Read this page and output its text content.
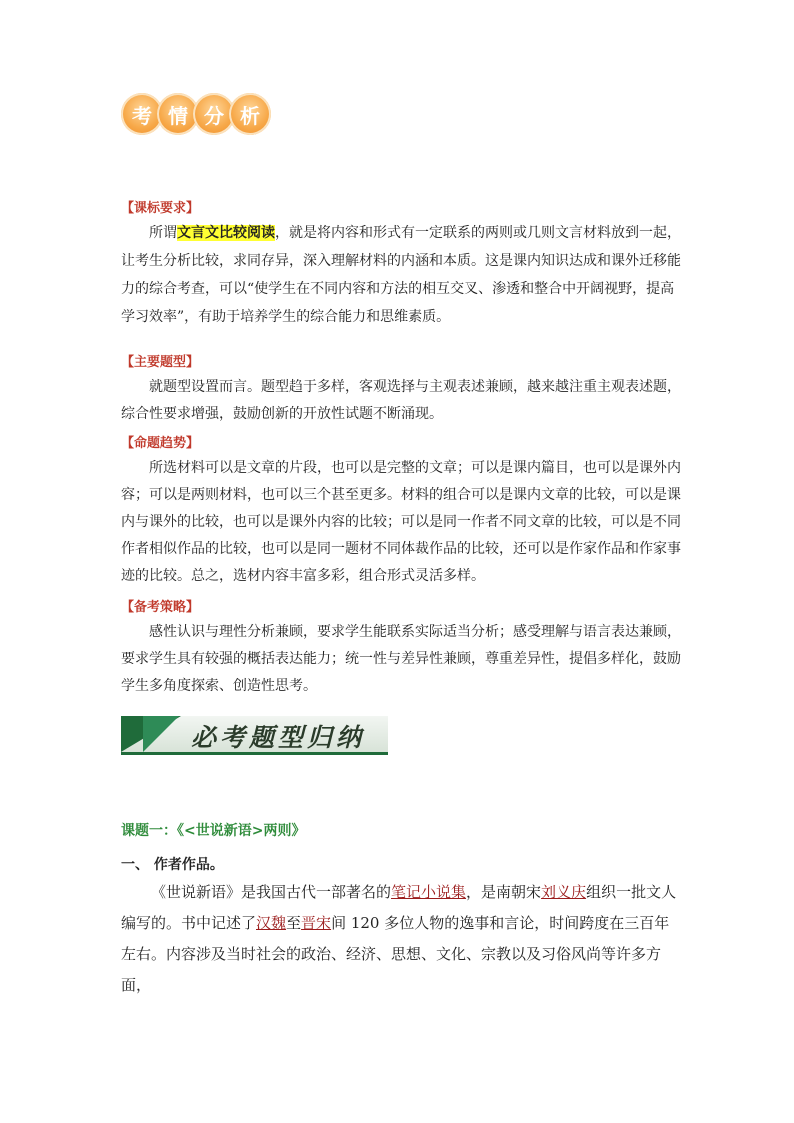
考 情 分 析
【课标要求】

所谓文言文比较阅读，就是将内容和形式有一定联系的两则或几则文言材料放到一起，让考生分析比较，求同存异，深入理解材料的内涵和本质。这是课内知识达成和课外迁移能力的综合考查，可以“使学生在不同内容和方法的相互交叉、渗透和整合中开阔视野，提高学习效率”，有助于培养学生的综合能力和思维素质。

【主要题型】

就题型设置而言。题型趋于多样，客观选择与主观表述兼顾，越来越注重主观表述题，综合性要求增强，鼓励创新的开放性试题不断涌现。

【命题趋势】

所选材料可以是文章的片段，也可以是完整的文章；可以是课内篇目，也可以是课外内容；可以是两则材料，也可以三个甚至更多。材料的组合可以是课内文章的比较，可以是课内与课外的比较，也可以是课外内容的比较；可以是同一作者不同文章的比较，可以是不同作者相似作品的比较，也可以是同一题材不同体裁作品的比较，还可以是作家作品和作家事迹的比较。总之，选材内容丰富多彩，组合形式灵活多样。

【备考策略】

感性认识与理性分析兼顾，要求学生能联系实际适当分析；感受理解与语言表达兼顾，要求学生具有较强的概括表达能力；统一性与差异性兼顾，尊重差异性，提倡多样化，鼓励学生多角度探索、创造性思考。

必考题型归纳
课题一：《<世说新语>两则》
一、 作者作品。

《世说新语》是我国古代一部著名的笔记小说集，是南朝宋刘义庆组织一批文人编写的。书中记述了汉魏至晋宋间 120 多位人物的逸事和言论，时间跨度在三百年左右。内容涉及当时社会的政治、经济、思想、文化、宗教以及习俗风尚等许多方面，
